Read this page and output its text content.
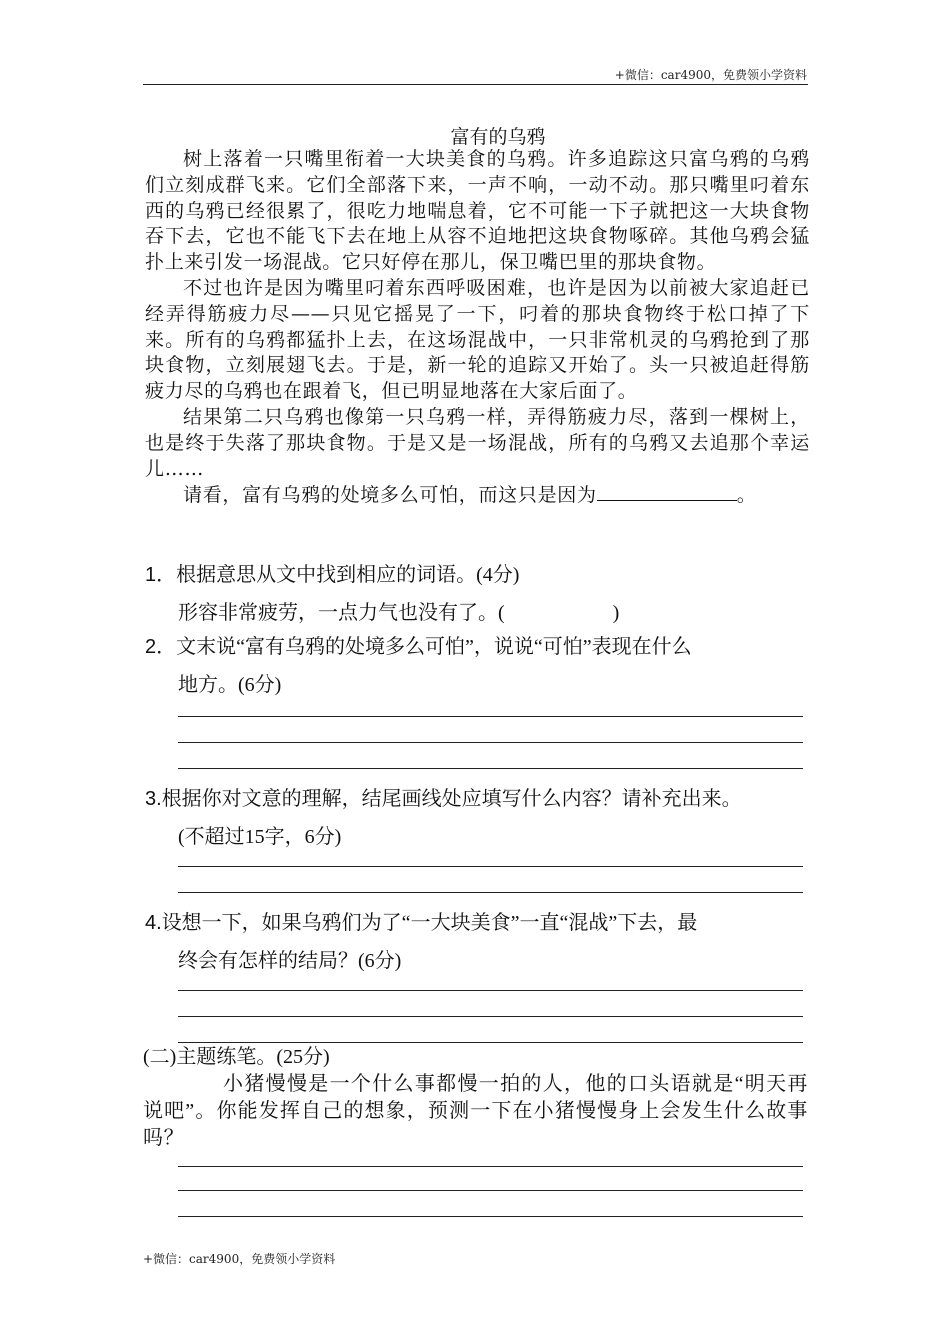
+微信：car4900，免费领小学资料
富有的乌鸦

树上落着一只嘴里衔着一大块美食的乌鸦。许多追踪这只富乌鸦的乌鸦们立刻成群飞来。它们全部落下来，一声不响，一动不动。那只嘴里叼着东西的乌鸦已经很累了，很吃力地喘息着，它不可能一下子就把这一大块食物吞下去，它也不能飞下去在地上从容不迫地把这块食物啄碎。其他乌鸦会猛扑上来引发一场混战。它只好停在那儿，保卫嘴巴里的那块食物。

不过也许是因为嘴里叼着东西呼吸困难，也许是因为以前被大家追赶已经弄得筋疲力尽——只见它摇晃了一下，叼着的那块食物终于松口掉了下来。所有的乌鸦都猛扑上去，在这场混战中，一只非常机灵的乌鸦抢到了那块食物，立刻展翅飞去。于是，新一轮的追踪又开始了。头一只被追赶得筋疲力尽的乌鸦也在跟着飞，但已明显地落在大家后面了。

结果第二只乌鸦也像第一只乌鸦一样，弄得筋疲力尽，落到一棵树上，也是终于失落了那块食物。于是又是一场混战，所有的乌鸦又去追那个幸运儿……

请看，富有乌鸦的处境多么可怕，而这只是因为	。

1．根据意思从文中找到相应的词语。(4分)
形容非常疲劳，一点力气也没有了。(	)
2．文末说“富有乌鸦的处境多么可怕”，说说“可怕”表现在什么
地方。(6分)
3.根据你对文意的理解，结尾画线处应填写什么内容？请补充出来。
(不超过15字，6分)
4.设想一下，如果乌鸦们为了“一大块美食”一直“混战”下去，最
终会有怎样的结局？(6分)
(二)主题练笔。(25分)

小猪慢慢是一个什么事都慢一拍的人，他的口头语就是“明天再说吧”。你能发挥自己的想象，预测一下在小猪慢慢身上会发生什么故事吗？

+微信：car4900，免费领小学资料
